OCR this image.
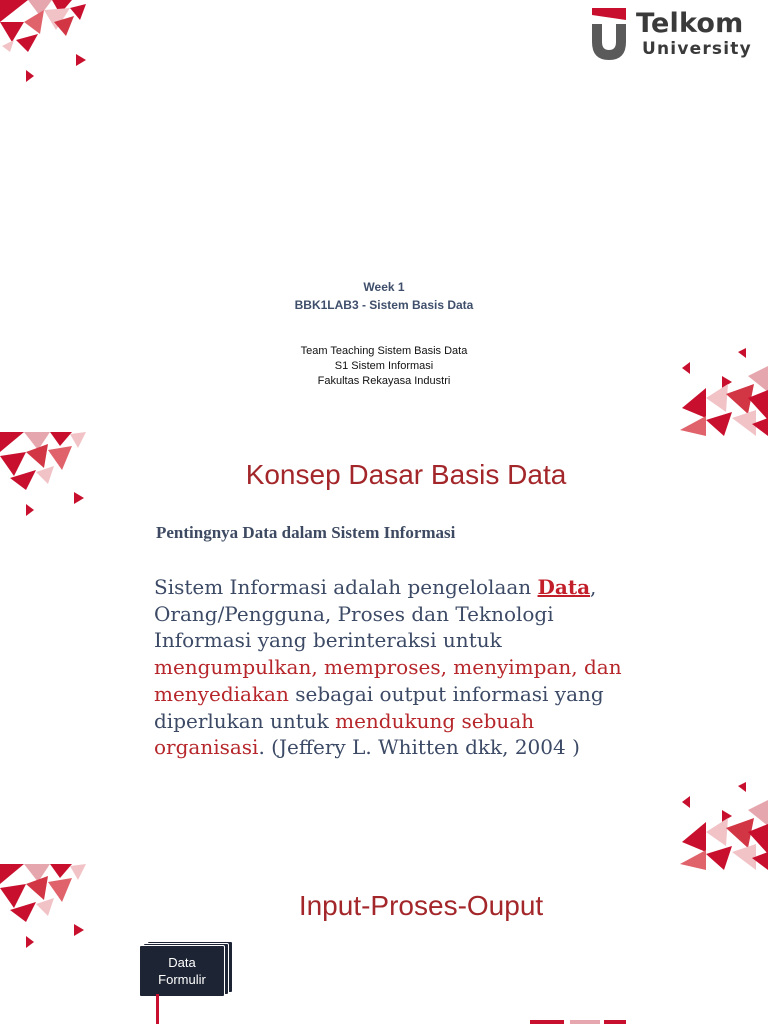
Telkom
University
Week 1
BBK1LAB3 - Sistem Basis Data
Team Teaching Sistem Basis Data
S1 Sistem Informasi
Fakultas Rekayasa Industri
Konsep Dasar Basis Data
Pentingnya Data dalam Sistem Informasi
Sistem Informasi adalah pengelolaan Data, Orang/Pengguna, Proses dan Teknologi Informasi yang berinteraksi untuk mengumpulkan, memproses, menyimpan, dan menyediakan sebagai output informasi yang diperlukan untuk mendukung sebuah organisasi. (Jeffery L. Whitten dkk, 2004 )
Input-Proses-Ouput
Data
Formulir
